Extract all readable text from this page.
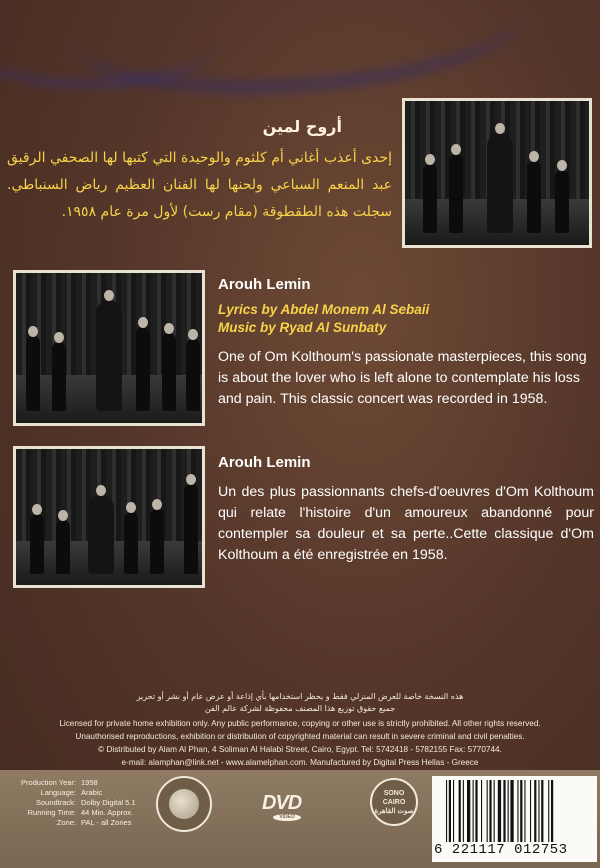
أروح لمين
إحدى أعذب أغاني أم كلثوم والوحيدة التي كتبها لها الصحفي الرقيق عبد المنعم السباعي ولحنها لها الفنان العظيم رياض السنباطي. سجلت هذه الطقطوقة (مقام رست) لأول مرة عام ١٩٥٨.
Arouh Lemin
Lyrics by Abdel Monem Al Sebaii
Music by Ryad Al Sunbaty
One of Om Kolthoum's passionate masterpieces, this song is about the lover who is left alone to contemplate his loss and pain. This classic concert was recorded in 1958.
Arouh Lemin
Un des plus passionnants chefs-d'oeuvres d'Om Kolthoum qui relate l'histoire d'un amoureux abandonné pour contempler sa douleur et sa perte..Cette classique d'Om Kolthoum a été enregistrée en 1958.
هذه النسخة خاصة للعرض المنزلي فقط و يحظر استخدامها بأي إذاعة أو عرض عام أو نشر أو تحرير
جميع حقوق توزيع هذا المصنف محفوظة لشركة عالم الفن
Licensed for private home exhibition only. Any public performance, copying or other use is strictly prohibited. All other rights reserved.
Unauthorised reproductions, exhibition or distribution of copyrighted material can result in severe criminal and civil penalties.
© Distributed by Alam Al Phan, 4 Soliman Al Halabi Street, Cairo, Egypt. Tel: 5742418 - 5782155 Fax: 5770744.
e-mail: alamphan@link.net - www.alamelphan.com. Manufactured by Digital Press Hellas - Greece
Production Year: 1958
Language: Arabic
Soundtrack: Dolby Digital 5.1
Running Time: 44 Min. Approx.
Zone: PAL - all Zones
DVD
VIDEO
SONO CAIRO
صوت القاهرة
6 221117 012753
